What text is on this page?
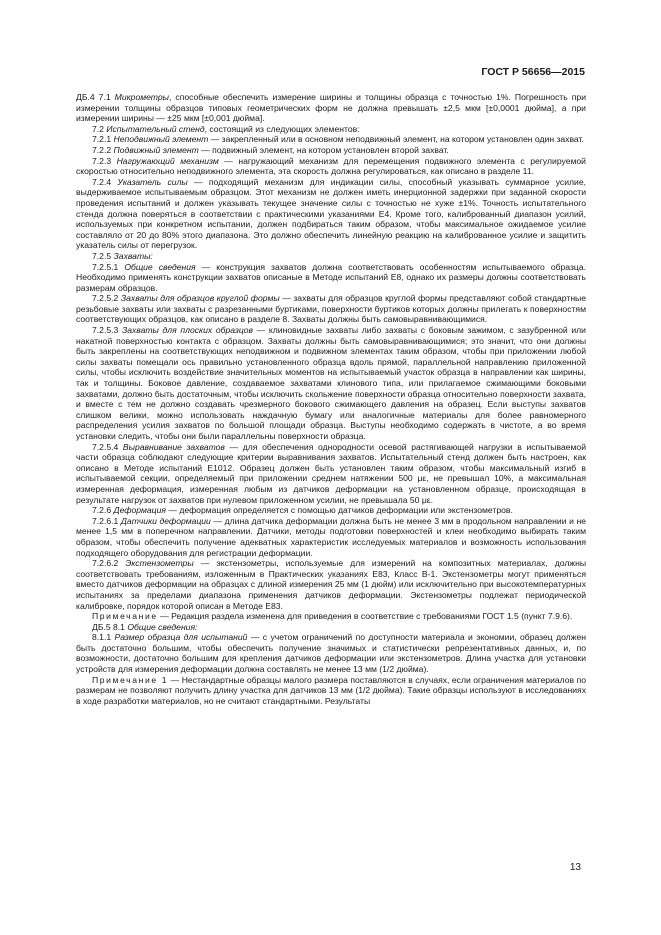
ГОСТ Р 56656—2015

ДБ.4 7.1 Микрометры, способные обеспечить измерение ширины и толщины образца с точностью 1%. Погрешность при измерении толщины образцов типовых геометрических форм не должна превышать ±2,5 мкм [±0,0001 дюйма], а при измерении ширины — ±25 мкм [±0,001 дюйма].

7.2 Испытательный стенд, состоящий из следующих элементов:

7.2.1 Неподвижный элемент — закрепленный или в основном неподвижный элемент, на котором установлен один захват.

7.2.2 Подвижный элемент — подвижный элемент, на котором установлен второй захват.

7.2.3 Нагружающий механизм — нагружающий механизм для перемещения подвижного элемента с регулируемой скоростью относительно неподвижного элемента, эта скорость должна регулироваться, как описано в разделе 11.

7.2.4 Указатель силы — подходящий механизм для индикации силы, способный указывать суммарное усилие, выдерживаемое испытываемым образцом. Этот механизм не должен иметь инерционной задержки при заданной скорости проведения испытаний и должен указывать текущее значение силы с точностью не хуже ±1%. Точность испытательного стенда должна поверяться в соответствии с практическими указаниями Е4. Кроме того, калиброванный диапазон усилий, используемых при конкретном испытании, должен подбираться таким образом, чтобы максимальное ожидаемое усилие составляло от 20 до 80% этого диапазона. Это должно обеспечить линейную реакцию на калиброванное усилие и защитить указатель силы от перегрузок.

7.2.5 Захваты:

7.2.5.1 Общие сведения — конструкция захватов должна соответствовать особенностям испытываемого образца. Необходимо применять конструкции захватов описаные в Методе испытаний Е8, однако их размеры должны соответствовать размерам образцов.

7.2.5.2 Захваты для образцов круглой формы — захваты для образцов круглой формы представляют собой стандартные резьбовые захваты или захваты с разрезанными буртиками, поверхности буртиков которых должны прилегать к поверхностям соответствующих образцов, как описано в разделе 8. Захваты должны быть самовыравнивающимися.

7.2.5.3 Захваты для плоских образцов — клиновидные захваты либо захваты с боковым зажимом, с зазубренной или накатной поверхностью контакта с образцом. Захваты должны быть самовыравнивающимися; это значит, что они должны быть закреплены на соответствующих неподвижном и подвижном элементах таким образом, чтобы при приложении любой силы захваты помещали ось правильно установленного образца вдоль прямой, параллельной направлению приложенной силы, чтобы исключить воздействие значительных моментов на испытываемый участок образца в направлении как ширины, так и толщины. Боковое давление, создаваемое захватами клинового типа, или прилагаемое сжимающими боковыми захватами, должно быть достаточным, чтобы исключить скольжение поверхности образца относительно поверхности захвата, и вместе с тем не должно создавать чрезмерного бокового сжимающего давления на образец. Если выступы захватов слишком велики, можно использовать наждачную бумагу или аналогичные материалы для более равномерного распределения усилия захватов по большой площади образца. Выступы необходимо содержать в чистоте, а во время установки следить, чтобы они были параллельны поверхности образца.

7.2.5.4 Выравнивание захватов — для обеспечения однородности осевой растягивающей нагрузки в испытываемой части образца соблюдают следующие критерии выравнивания захватов. Испытательный стенд должен быть настроен, как описано в Методе испытаний Е1012. Образец должен быть установлен таким образом, чтобы максимальный изгиб в испытываемой секции, определяемый при приложении среднем натяжении 500 με, не превышал 10%, а максимальная измеренная деформация, измеренная любым из датчиков деформации на установленном образце, происходящая в результате нагрузок от захватов при нулевом приложенном усилии, не превышала 50 με.

7.2.6 Деформация — деформация определяется с помощью датчиков деформации или экстензометров.

7.2.6.1 Датчики деформации — длина датчика деформации должна быть не менее 3 мм в продольном направлении и не менее 1,5 мм в поперечном направлении. Датчики, методы подготовки поверхностей и клеи необходимо выбирать таким образом, чтобы обеспечить получение адекватных характеристик исследуемых материалов и возможность использования подходящего оборудования для регистрации деформации.

7.2.6.2 Экстензометры — экстензометры, используемые для измерений на композитных материалах, должны соответствовать требованиям, изложенным в Практических указаниях Е83, Класс В-1. Экстензометры могут применяться вместо датчиков деформации на образцах с длиной измерения 25 мм (1 дюйм) или исключительно при высокотемпературных испытаниях за пределами диапазона применения датчиков деформации. Экстензометры подлежат периодической калибровке, порядок которой описан в Методе Е83.

Примечание — Редакция раздела изменена для приведения в соответствие с требованиями ГОСТ 1.5 (пункт 7.9.6).

ДБ.5 8.1 Общие сведения:

8.1.1 Размер образца для испытаний — с учетом ограничений по доступности материала и экономии, образец должен быть достаточно большим, чтобы обеспечить получение значимых и статистически репрезентативных данных, и, по возможности, достаточно большим для крепления датчиков деформации или экстензометров. Длина участка для установки устройств для измерения деформации должна составлять не менее 13 мм (1/2 дюйма).

Примечание 1 — Нестандартные образцы малого размера поставляются в случаях, если ограничения материалов по размерам не позволяют получить длину участка для датчиков 13 мм (1/2 дюйма). Такие образцы используют в исследованиях в ходе разработки материалов, но не считают стандартными. Результаты

13
